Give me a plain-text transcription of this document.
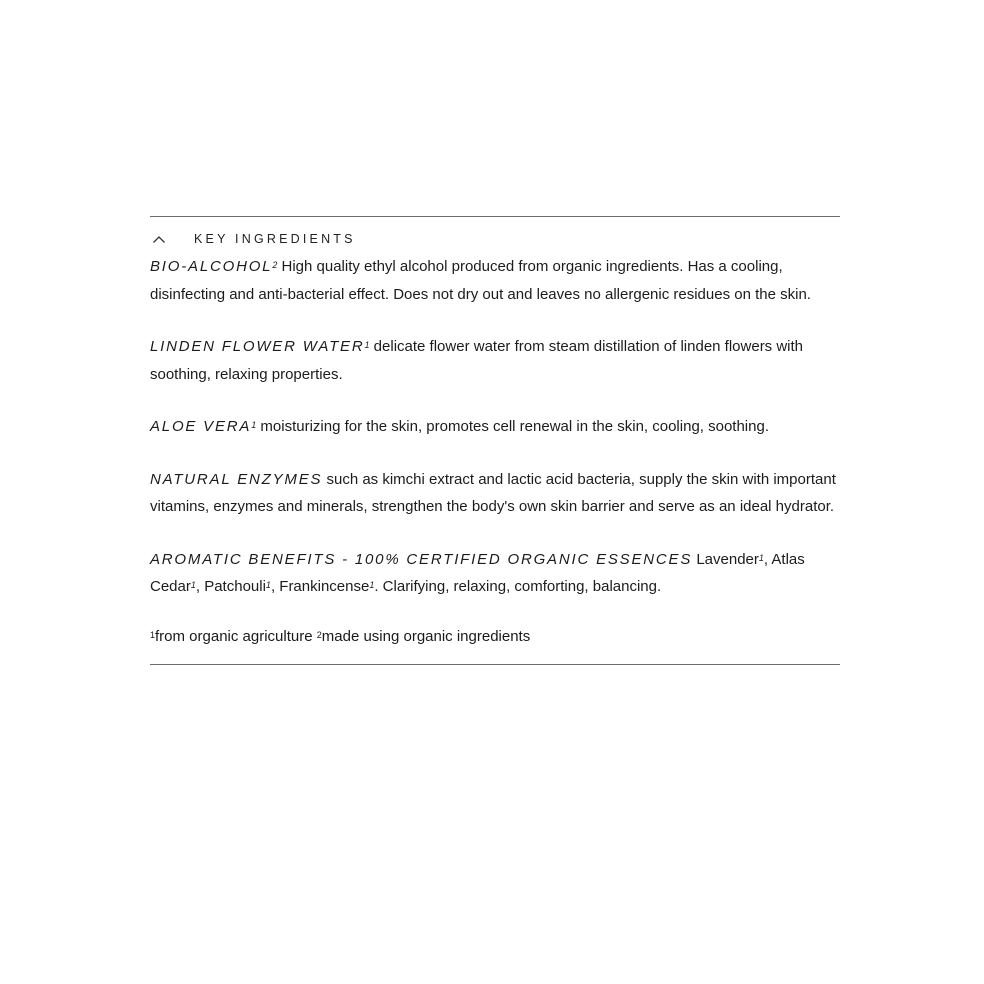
KEY INGREDIENTS

BIO-ALCOHOL$^2$ High quality ethyl alcohol produced from organic ingredients. Has a cooling, disinfecting and anti-bacterial effect. Does not dry out and leaves no allergenic residues on the skin.

LINDEN FLOWER WATER$^1$ delicate flower water from steam distillation of linden flowers with soothing, relaxing properties.

ALOE VERA$^1$ moisturizing for the skin, promotes cell renewal in the skin, cooling, soothing.

NATURAL ENZYMES such as kimchi extract and lactic acid bacteria, supply the skin with important vitamins, enzymes and minerals, strengthen the body's own skin barrier and serve as an ideal hydrator.

AROMATIC BENEFITS - 100% CERTIFIED ORGANIC ESSENCES Lavender$^1$, Atlas Cedar$^1$, Patchouli$^1$, Frankincense$^1$. Clarifying, relaxing, comforting, balancing.

$^1$from organic agriculture $^2$made using organic ingredients
